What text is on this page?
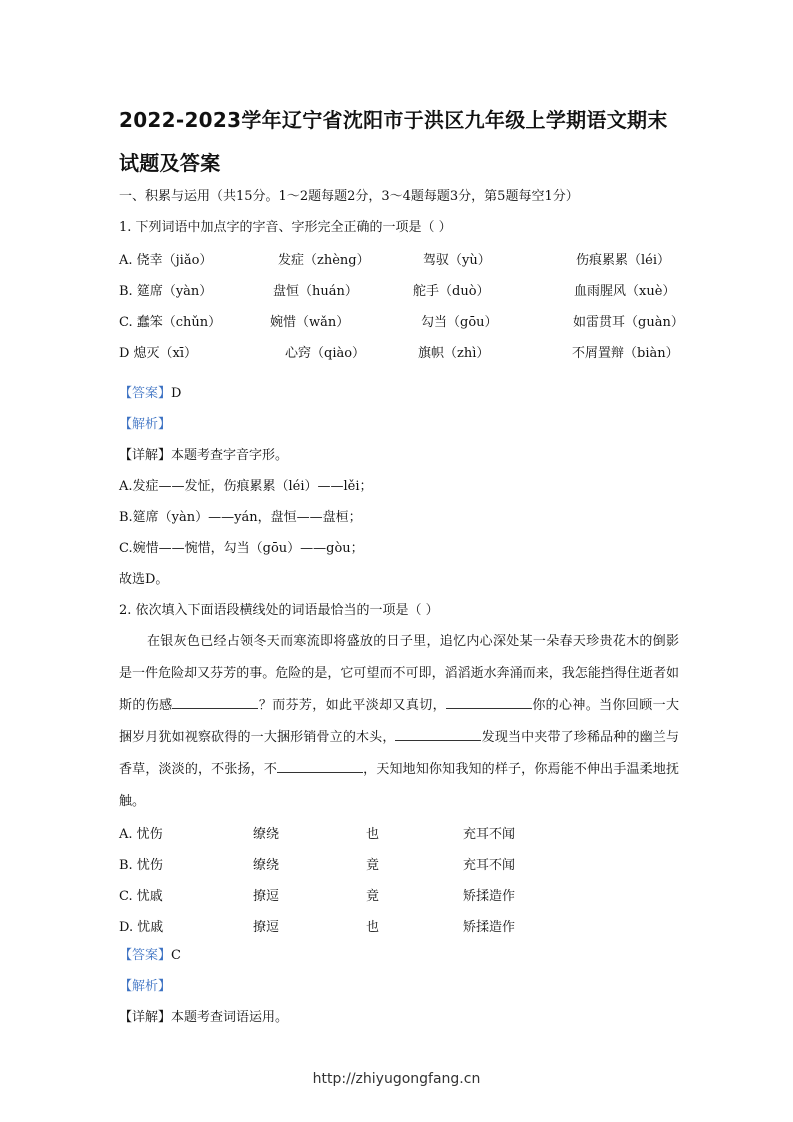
2022-2023学年辽宁省沈阳市于洪区九年级上学期语文期末
试题及答案
一、积累与运用（共15分。1～2题每题2分，3～4题每题3分，第5题每空1分）
1. 下列词语中加点字的字音、字形完全正确的一项是（ ）
A. 侥幸（jiǎo）	发症（zhèng）	驾驭（yù）	伤痕累累（léi）
B. 筵席（yàn）	盘恒（huán）	舵手（duò）	血雨腥风（xuè）
C. 蠢笨（chǔn）	婉惜（wǎn）	勾当（gōu）	如雷贯耳（guàn）
D 熄灭（xī）	心窍（qiào）	旗帜（zhì）	不屑置辩（biàn）
【答案】D
【解析】
【详解】本题考查字音字形。
A.发症——发怔，伤痕累累（léi）——lěi；
B.筵席（yàn）——yán，盘恒——盘桓；
C.婉惜——惋惜，勾当（gōu）——gòu；
故选D。
2. 依次填入下面语段横线处的词语最恰当的一项是（ ）

在银灰色已经占领冬天而寒流即将盛放的日子里，追忆内心深处某一朵春天珍贵花木的倒影是一件危险却又芬芳的事。危险的是，它可望而不可即，滔滔逝水奔涌而来，我怎能挡得住逝者如斯的伤感	？而芬芳，如此平淡却又真切，	你的心神。当你回顾一大捆岁月犹如视察砍得的一大捆形销骨立的木头，	发现当中夹带了珍稀品种的幽兰与香草，淡淡的，不张扬，不	，天知地知你知我知的样子，你焉能不伸出手温柔地抚触。

A. 忧伤	缭绕	也	充耳不闻
B. 忧伤	缭绕	竟	充耳不闻
C. 忧戚	撩逗	竟	矫揉造作
D. 忧戚	撩逗	也	矫揉造作
【答案】C
【解析】
【详解】本题考查词语运用。
http://zhiyugongfang.cn
